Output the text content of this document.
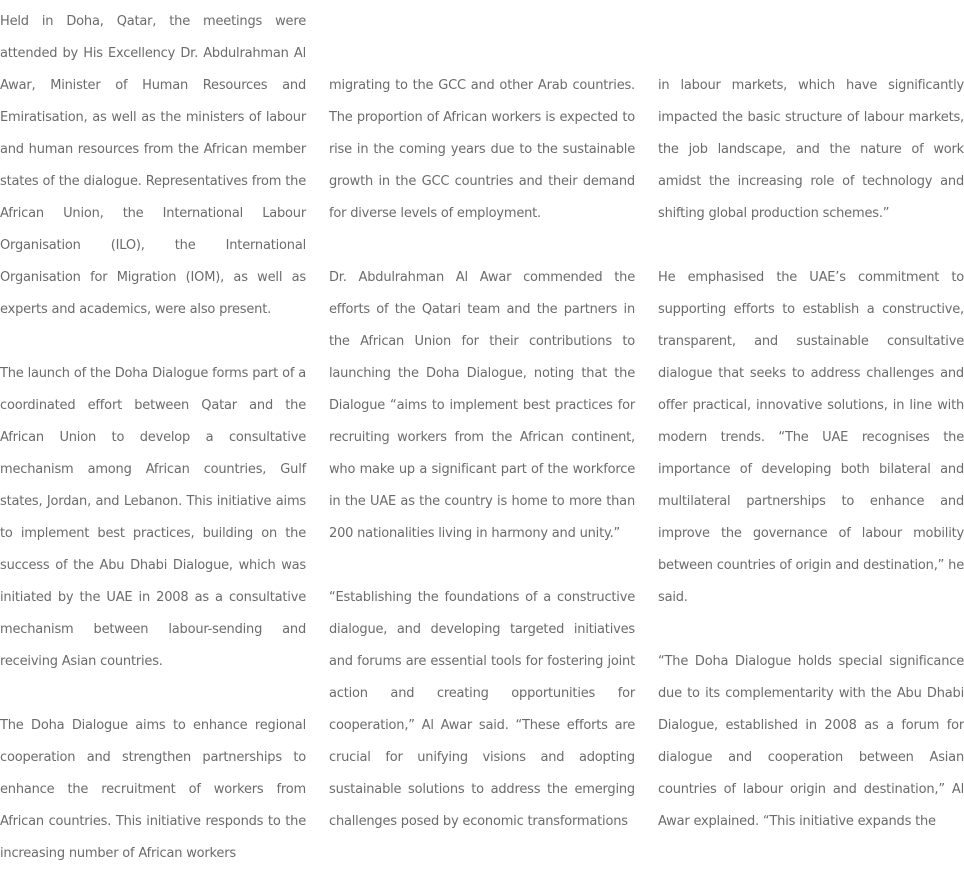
Held in Doha, Qatar, the meetings were attended by His Excellency Dr. Abdulrahman Al Awar, Minister of Human Resources and Emiratisation, as well as the ministers of labour and human resources from the African member states of the dialogue. Representatives from the African Union, the International Labour Organisation (ILO), the International Organisation for Migration (IOM), as well as experts and academics, were also present.

The launch of the Doha Dialogue forms part of a coordinated effort between Qatar and the African Union to develop a consultative mechanism among African countries, Gulf states, Jordan, and Lebanon. This initiative aims to implement best practices, building on the success of the Abu Dhabi Dialogue, which was initiated by the UAE in 2008 as a consultative mechanism between labour-sending and receiving Asian countries.

The Doha Dialogue aims to enhance regional cooperation and strengthen partnerships to enhance the recruitment of workers from African countries. This initiative responds to the increasing number of African workers

migrating to the GCC and other Arab countries. The proportion of African workers is expected to rise in the coming years due to the sustainable growth in the GCC countries and their demand for diverse levels of employment.

Dr. Abdulrahman Al Awar commended the efforts of the Qatari team and the partners in the African Union for their contributions to launching the Doha Dialogue, noting that the Dialogue “aims to implement best practices for recruiting workers from the African continent, who make up a significant part of the workforce in the UAE as the country is home to more than 200 nationalities living in harmony and unity.”

“Establishing the foundations of a constructive dialogue, and developing targeted initiatives and forums are essential tools for fostering joint action and creating opportunities for cooperation,” Al Awar said. “These efforts are crucial for unifying visions and adopting sustainable solutions to address the emerging challenges posed by economic transformations

in labour markets, which have significantly impacted the basic structure of labour markets, the job landscape, and the nature of work amidst the increasing role of technology and shifting global production schemes.”

He emphasised the UAE’s commitment to supporting efforts to establish a constructive, transparent, and sustainable consultative dialogue that seeks to address challenges and offer practical, innovative solutions, in line with modern trends. “The UAE recognises the importance of developing both bilateral and multilateral partnerships to enhance and improve the governance of labour mobility between countries of origin and destination,” he said.

“The Doha Dialogue holds special significance due to its complementarity with the Abu Dhabi Dialogue, established in 2008 as a forum for dialogue and cooperation between Asian countries of labour origin and destination,” Al Awar explained. “This initiative expands the
